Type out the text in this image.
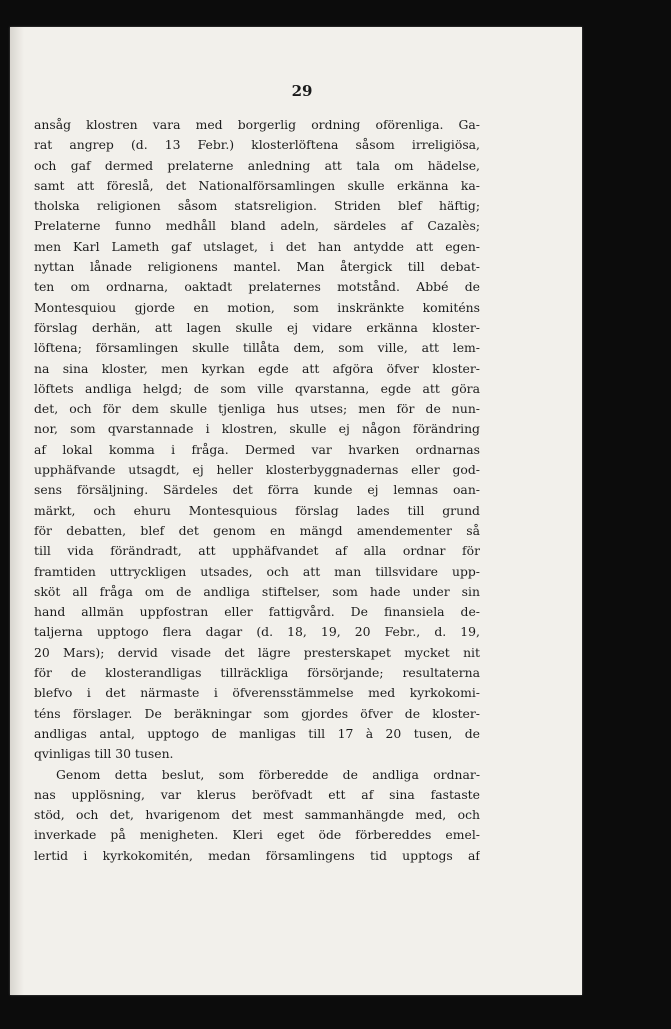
29
ansåg klostren vara med borgerlig ordning oförenliga. Ga-
rat angrep (d. 13 Febr.) klosterlöftena såsom irreligiösa,
och gaf dermed prelaterne anledning att tala om hädelse,
samt att föreslå, det Nationalförsamlingen skulle erkänna ka-
tholska religionen såsom statsreligion. Striden blef häftig;
Prelaterne funno medhåll bland adeln, särdeles af Cazalès;
men Karl Lameth gaf utslaget, i det han antydde att egen-
nyttan lånade religionens mantel. Man återgick till debat-
ten om ordnarna, oaktadt prelaternes motstånd. Abbé de
Montesquiou gjorde en motion, som inskränkte komiténs
förslag derhän, att lagen skulle ej vidare erkänna kloster-
löftena; församlingen skulle tillåta dem, som ville, att lem-
na sina kloster, men kyrkan egde att afgöra öfver kloster-
löftets andliga helgd; de som ville qvarstanna, egde att göra
det, och för dem skulle tjenliga hus utses; men för de nun-
nor, som qvarstannade i klostren, skulle ej någon förändring
af lokal komma i fråga. Dermed var hvarken ordnarnas
upphäfvande utsagdt, ej heller klosterbyggnadernas eller god-
sens försäljning. Särdeles det förra kunde ej lemnas oan-
märkt, och ehuru Montesquious förslag lades till grund
för debatten, blef det genom en mängd amendementer så
till vida förändradt, att upphäfvandet af alla ordnar för
framtiden uttryckligen utsades, och att man tillsvidare upp-
sköt all fråga om de andliga stiftelser, som hade under sin
hand allmän uppfostran eller fattigvård. De finansiela de-
taljerna upptogo flera dagar (d. 18, 19, 20 Febr., d. 19,
20 Mars); dervid visade det lägre presterskapet mycket nit
för de klosterandligas tillräckliga försörjande; resultaterna
blefvo i det närmaste i öfverensstämmelse med kyrkokomi-
téns förslager. De beräkningar som gjordes öfver de kloster-
andligas antal, upptogo de manligas till 17 à 20 tusen, de
qvinligas till 30 tusen.
Genom detta beslut, som förberedde de andliga ordnar-
nas upplösning, var klerus beröfvadt ett af sina fastaste
stöd, och det, hvarigenom det mest sammanhängde med, och
inverkade på menigheten. Kleri eget öde förbereddes emel-
lertid i kyrkokomitén, medan församlingens tid upptogs af
